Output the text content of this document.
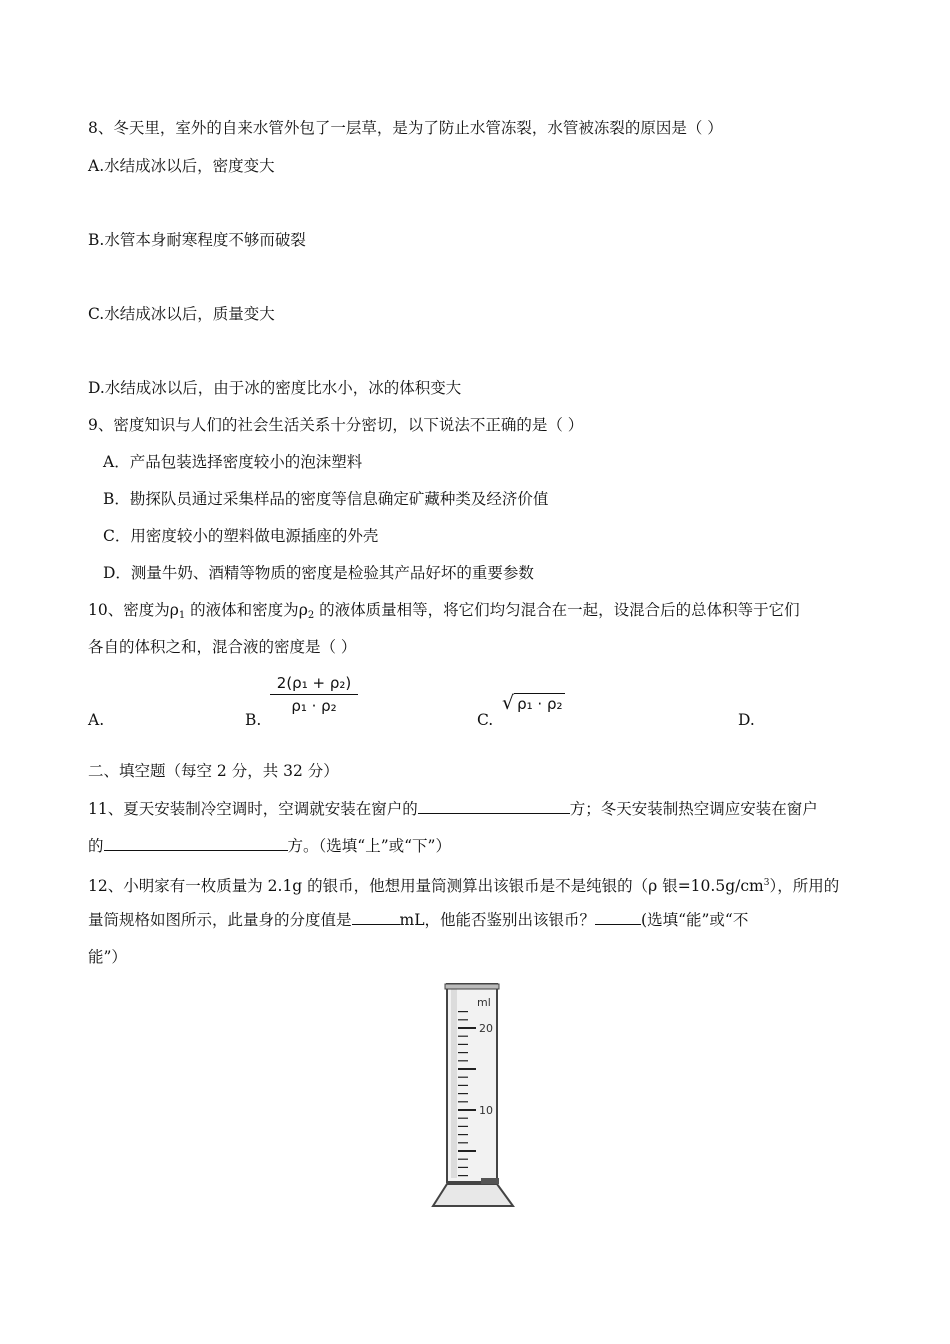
8、冬天里，室外的自来水管外包了一层草，是为了防止水管冻裂，水管被冻裂的原因是（ ）
A.水结成冰以后，密度变大
B.水管本身耐寒程度不够而破裂
C.水结成冰以后，质量变大
D.水结成冰以后，由于冰的密度比水小，冰的体积变大
9、密度知识与人们的社会生活关系十分密切，以下说法不正确的是（ ）
A．产品包装选择密度较小的泡沫塑料
B．勘探队员通过采集样品的密度等信息确定矿藏种类及经济价值
C．用密度较小的塑料做电源插座的外壳
D．测量牛奶、酒精等物质的密度是检验其产品好坏的重要参数
10、密度为$\rho_1$ 的液体和密度为$\rho_2$ 的液体质量相等，将它们均匀混合在一起，设混合后的总体积等于它们
各自的体积之和，混合液的密度是（ ）
A.	B.
2(ρ₁ + ρ₂)
ρ₁ · ρ₂
C.
√ ρ₁ · ρ₂
D.
二、填空题（每空 2 分，共 32 分）
11、夏天安装制冷空调时，空调就安装在窗户的	方；冬天安装制热空调应安装在窗户
的	方。（选填“上”或“下”）
12、小明家有一枚质量为 2.1g 的银币，他想用量筒测算出该银币是不是纯银的（ρ 银$=10.5g/cm^3$），所用的
量筒规格如图所示，此量身的分度值是	mL，他能否鉴别出该银币？	(选填“能”或“不
能”）
ml
20
10
